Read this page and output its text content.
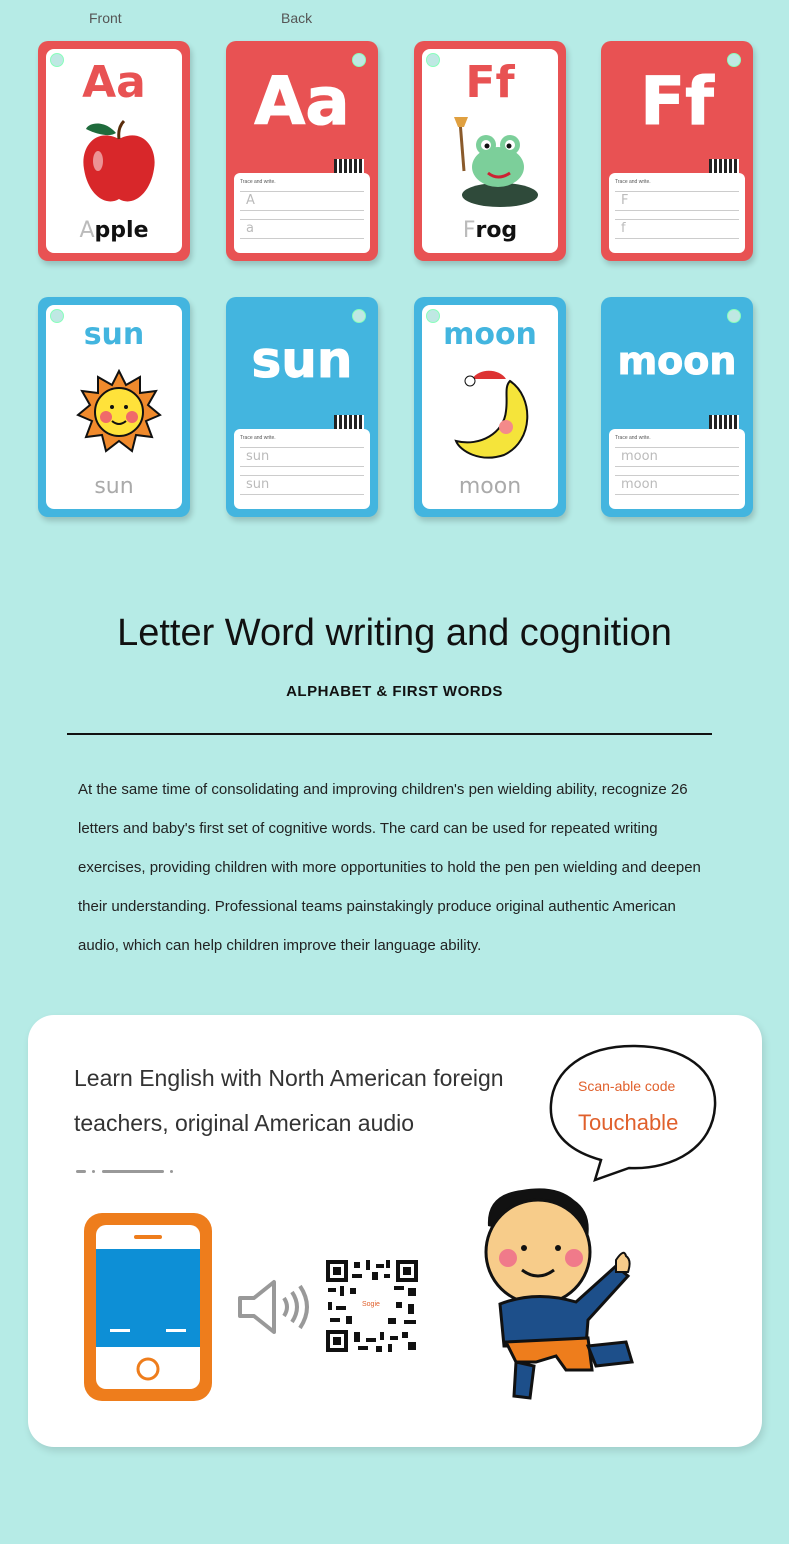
Front	Back
Aa
Apple
Aa
Trace and write.
A
a
Ff
Frog
Ff
Trace and write.
F
f
sun
sun
sun
Trace and write.
sun
sun
moon
moon
moon
Trace and write.
moon
moon
Letter Word writing and cognition
ALPHABET & FIRST WORDS
At the same time of consolidating and improving children's pen wielding ability, recognize 26 letters and baby's first set of cognitive words. The card can be used for repeated writing exercises, providing children with more opportunities to hold the pen pen wielding and deepen their understanding. Professional teams painstakingly produce original authentic American audio, which can help children improve their language ability.
Learn English with North American foreign teachers, original American audio
Scan-able code
Touchable
Sogie
